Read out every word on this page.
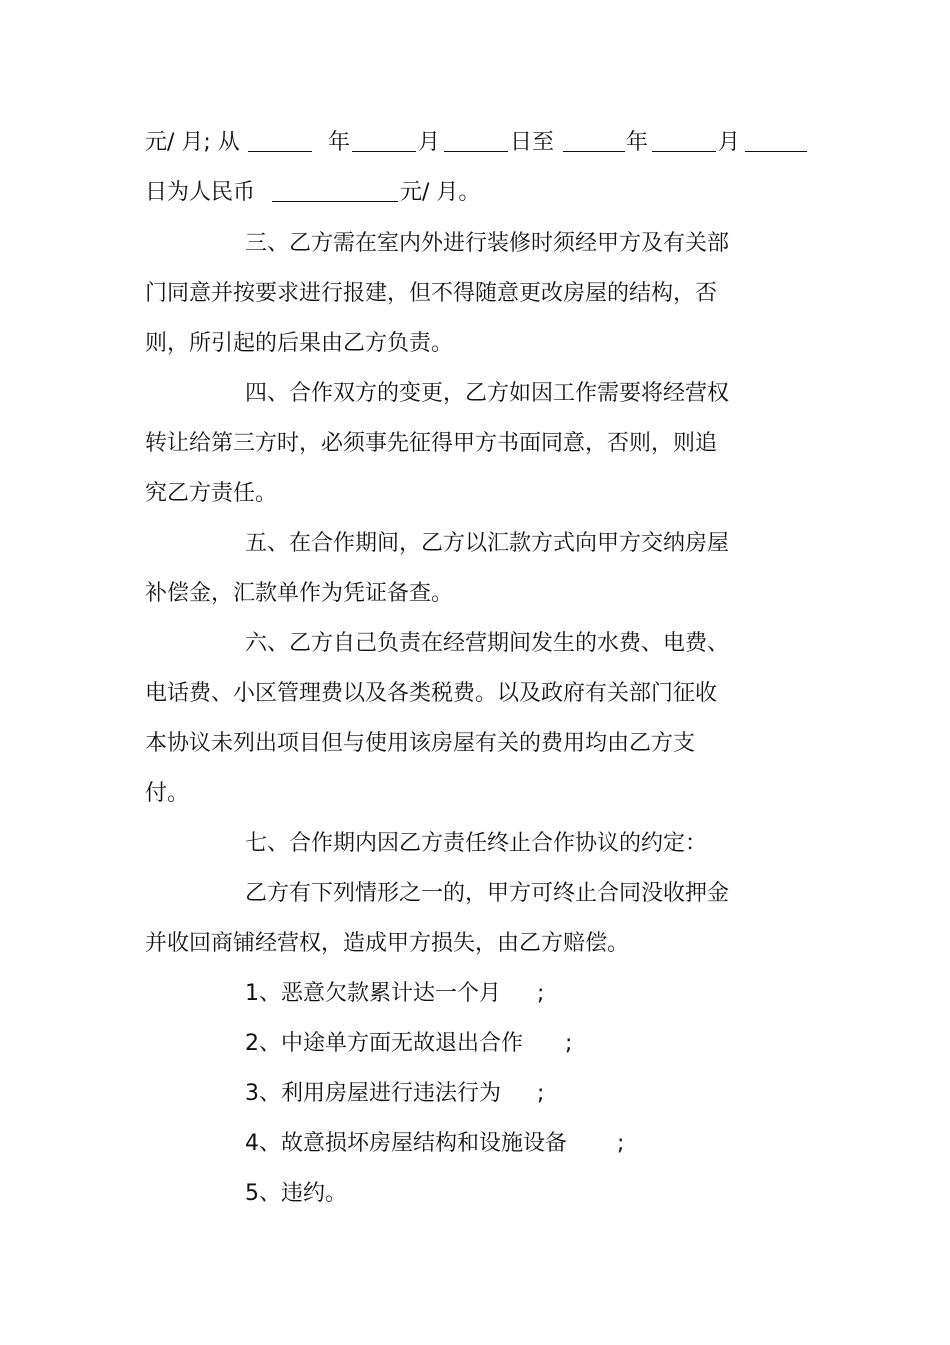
元/ 月; 从	年	月	日至	年	月
日为人民币	元/ 月。
三、乙方需在室内外进行装修时须经甲方及有关部
门同意并按要求进行报建，但不得随意更改房屋的结构，否
则，所引起的后果由乙方负责。
四、合作双方的变更，乙方如因工作需要将经营权
转让给第三方时，必须事先征得甲方书面同意，否则，则追
究乙方责任。
五、在合作期间，乙方以汇款方式向甲方交纳房屋
补偿金，汇款单作为凭证备查。
六、乙方自己负责在经营期间发生的水费、电费、
电话费、小区管理费以及各类税费。以及政府有关部门征收
本协议未列出项目但与使用该房屋有关的费用均由乙方支
付。
七、合作期内因乙方责任终止合作协议的约定：
乙方有下列情形之一的，甲方可终止合同没收押金
并收回商铺经营权，造成甲方损失，由乙方赔偿。
1、恶意欠款累计达一个月 ;
2、中途单方面无故退出合作 ;
3、利用房屋进行违法行为 ;
4、故意损坏房屋结构和设施设备 ;
5、违约。
